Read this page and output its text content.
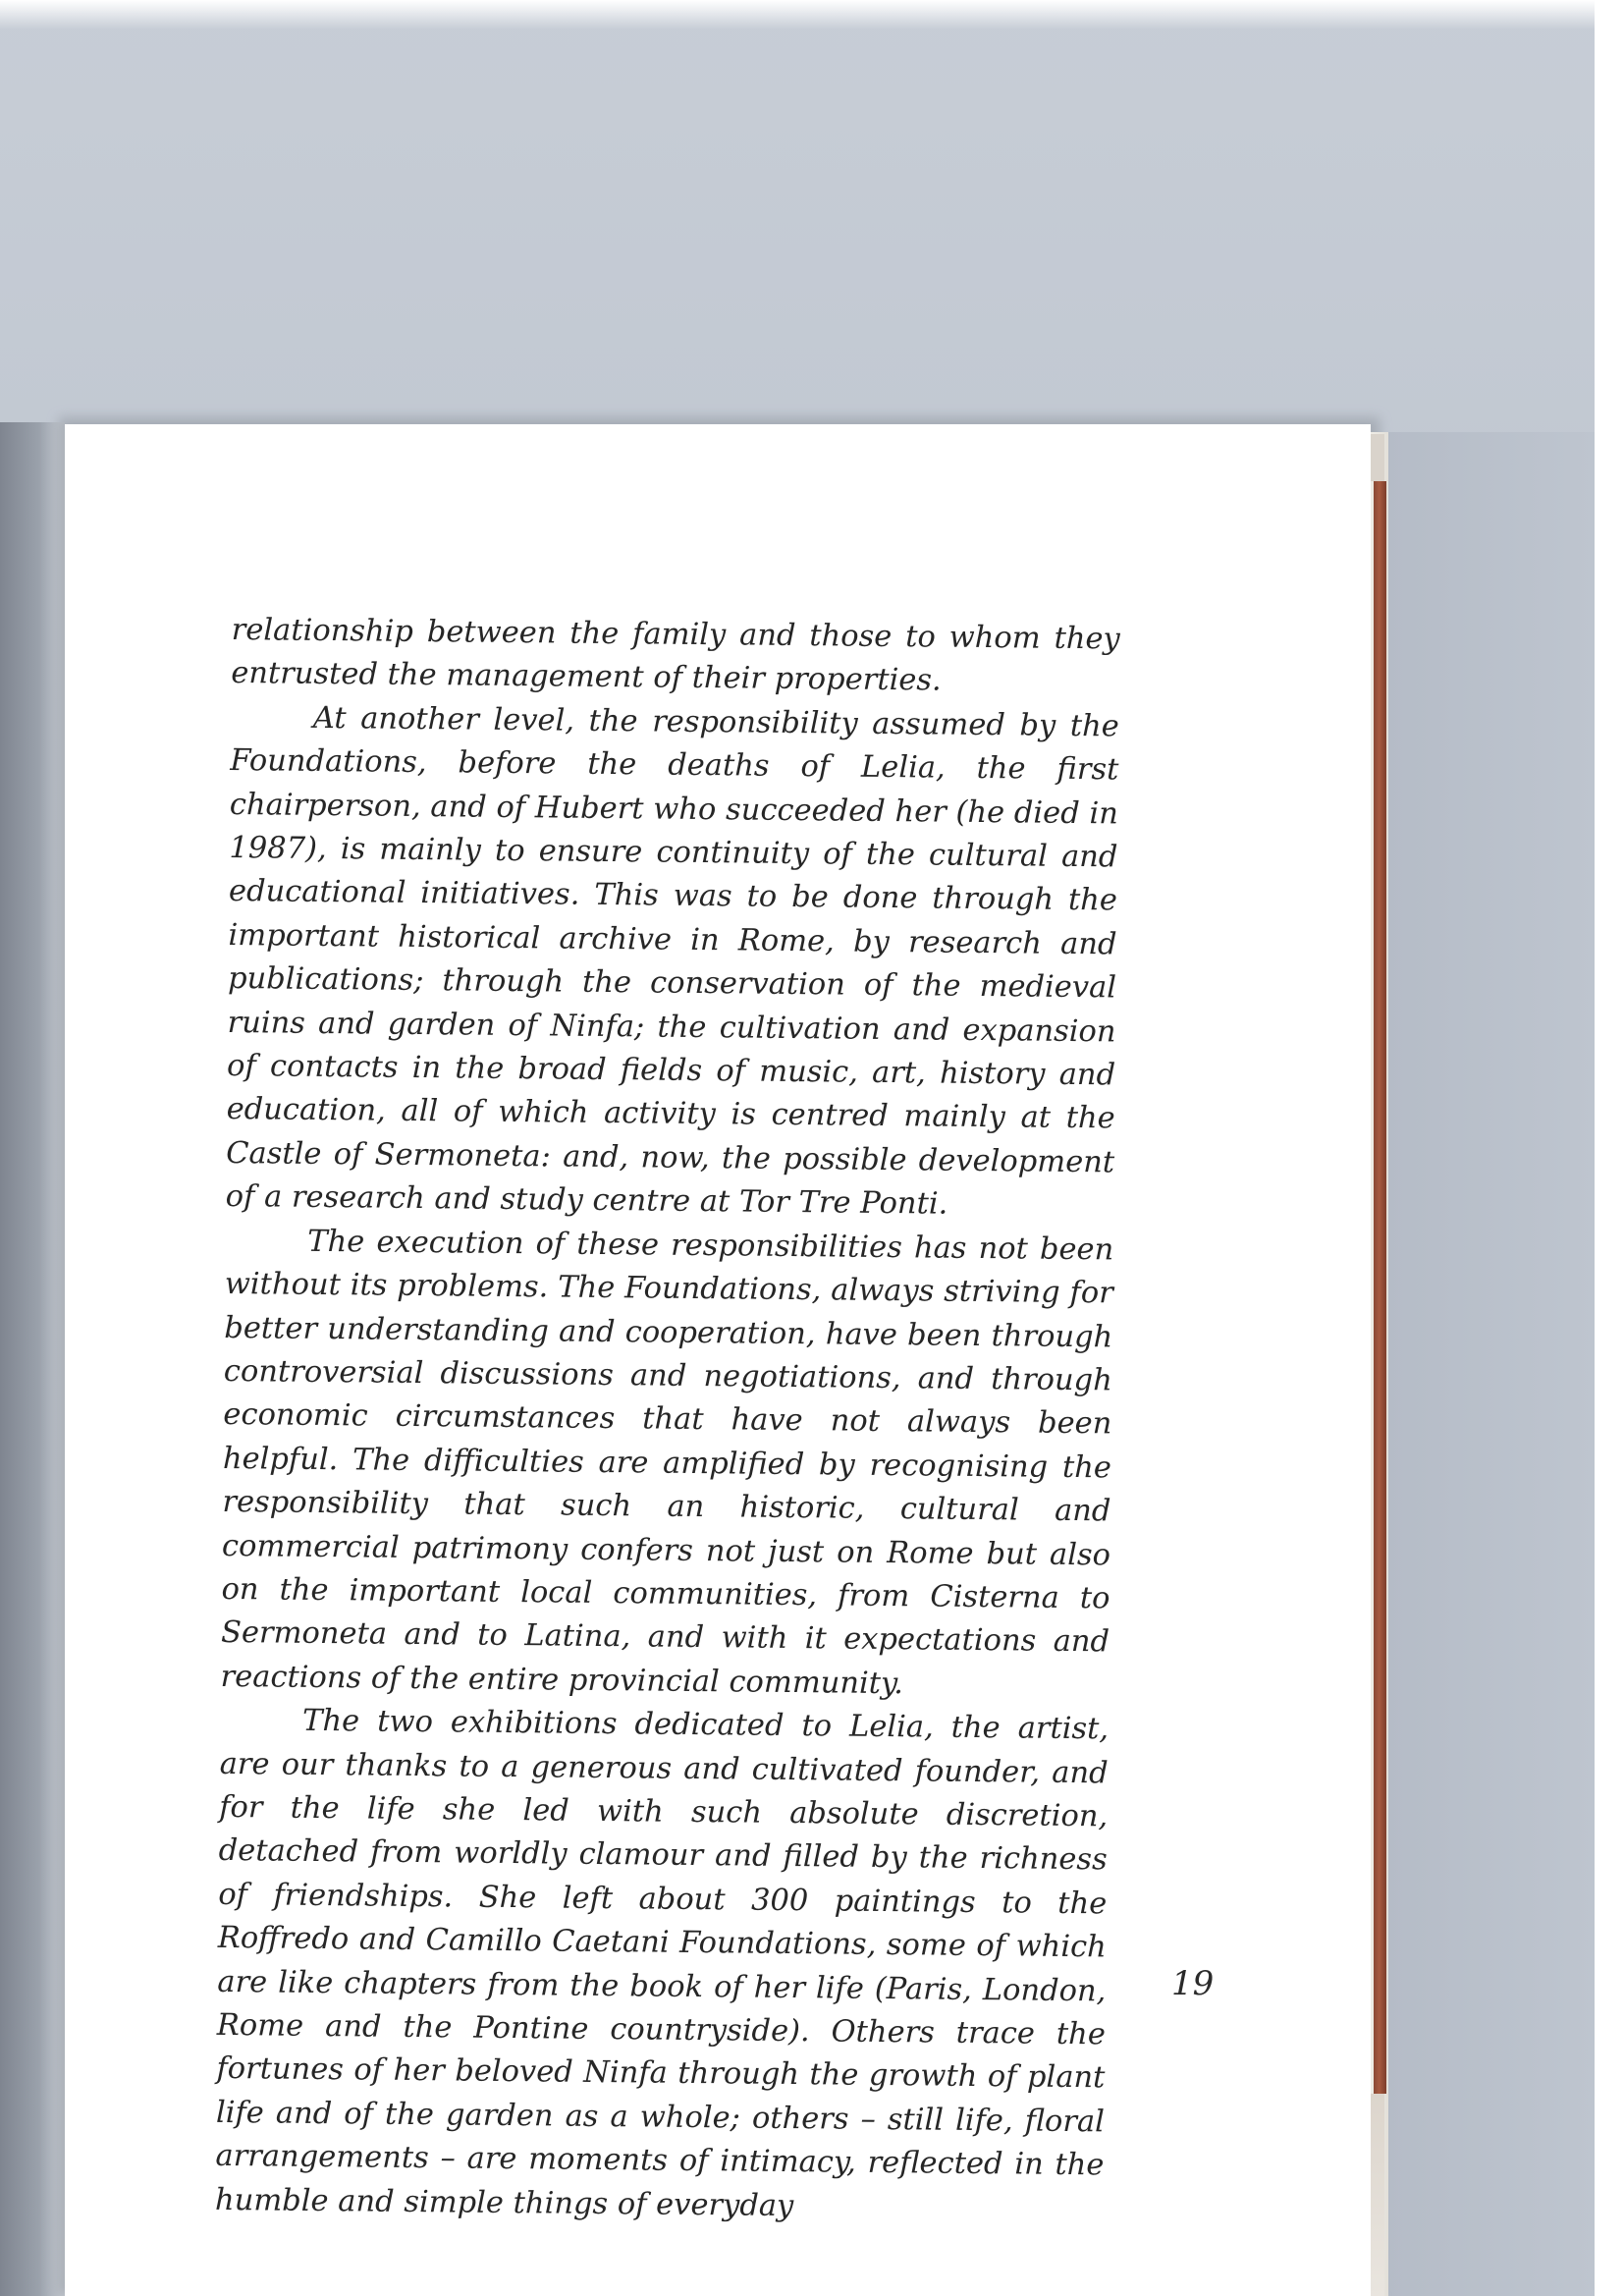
relationship between the family and those to whom they entrusted the management of their properties.

At another level, the responsibility assumed by the Foundations, before the deaths of Lelia, the first chairperson, and of Hubert who succeeded her (he died in 1987), is mainly to ensure continuity of the cultural and educational initiatives. This was to be done through the important historical archive in Rome, by research and publications; through the conservation of the medieval ruins and garden of Ninfa; the cultivation and expansion of contacts in the broad fields of music, art, history and education, all of which activity is centred mainly at the Castle of Sermoneta: and, now, the possible development of a research and study centre at Tor Tre Ponti.

The execution of these responsibilities has not been without its problems. The Foundations, always striving for better understanding and cooperation, have been through controversial discussions and negotiations, and through economic circumstances that have not always been helpful. The difficulties are amplified by recognising the responsibility that such an historic, cultural and commercial patrimony confers not just on Rome but also on the important local communities, from Cisterna to Sermoneta and to Latina, and with it expectations and reactions of the entire provincial community.

The two exhibitions dedicated to Lelia, the artist, are our thanks to a generous and cultivated founder, and for the life she led with such absolute discretion, detached from worldly clamour and filled by the richness of friendships. She left about 300 paintings to the Roffredo and Camillo Caetani Foundations, some of which are like chapters from the book of her life (Paris, London, Rome and the Pontine countryside). Others trace the fortunes of her beloved Ninfa through the growth of plant life and of the garden as a whole; others – still life, floral arrangements – are moments of intimacy, reflected in the humble and simple things of everyday

19
